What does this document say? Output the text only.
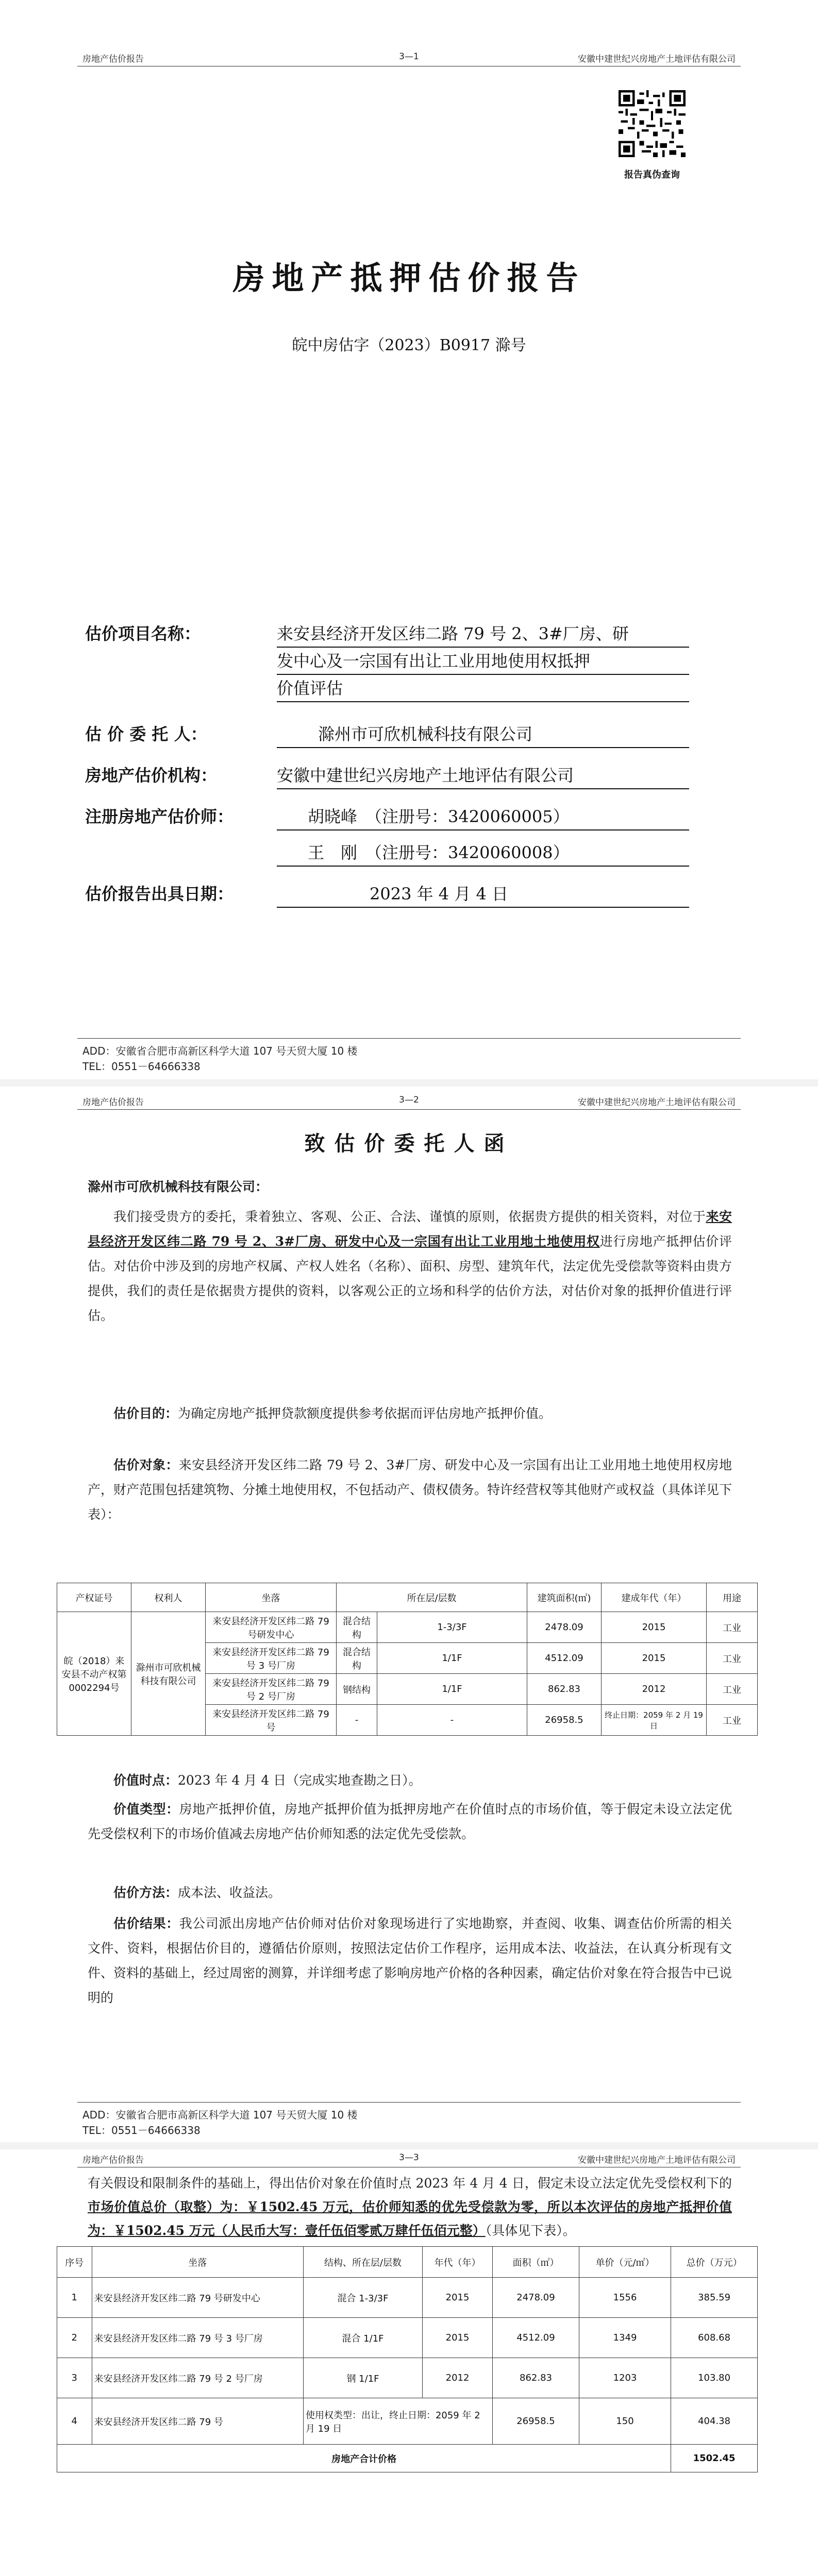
房地产估价报告	3—1	安徽中建世纪兴房地产土地评估有限公司
报告真伪查询
房地产抵押估价报告
皖中房估字（2023）B0917 滁号
估价项目名称：	来安县经济开发区纬二路 79 号 2、3#厂房、研
发中心及一宗国有出让工业用地使用权抵押
价值评估
估 价 委 托 人：	滁州市可欣机械科技有限公司
房地产估价机构：	安徽中建世纪兴房地产土地评估有限公司
注册房地产估价师：	胡晓峰　（注册号：3420060005）
王　刚　（注册号：3420060008）
估价报告出具日期：	2023 年 4 月 4 日
ADD：安徽省合肥市高新区科学大道 107 号天贸大厦 10 楼
TEL：0551－64666338
房地产估价报告	3—2	安徽中建世纪兴房地产土地评估有限公司
致估价委托人函
滁州市可欣机械科技有限公司：
我们接受贵方的委托，秉着独立、客观、公正、合法、谨慎的原则，依据贵方提供的相关资料，对位于来安县经济开发区纬二路 79 号 2、3#厂房、研发中心及一宗国有出让工业用地土地使用权进行房地产抵押估价评估。对估价中涉及到的房地产权属、产权人姓名（名称）、面积、房型、建筑年代，法定优先受偿款等资料由贵方提供，我们的责任是依据贵方提供的资料，以客观公正的立场和科学的估价方法，对估价对象的抵押价值进行评估。
估价目的：为确定房地产抵押贷款额度提供参考依据而评估房地产抵押价值。
估价对象：来安县经济开发区纬二路 79 号 2、3#厂房、研发中心及一宗国有出让工业用地土地使用权房地产，财产范围包括建筑物、分摊土地使用权，不包括动产、债权债务。特许经营权等其他财产或权益（具体详见下表）：
产权证号	权利人	坐落	所在层/层数		建筑面积(㎡)	建成年代（年）	用途
皖（2018）来安县不动产权第0002294号	滁州市可欣机械科技有限公司	来安县经济开发区纬二路 79 号研发中心	混合结构	1-3/3F	2478.09	2015	工业
		来安县经济开发区纬二路 79 号 3 号厂房	混合结构	1/1F	4512.09	2015	工业
		来安县经济开发区纬二路 79 号 2 号厂房	钢结构	1/1F	862.83	2012	工业
		来安县经济开发区纬二路 79 号	-	-	26958.5	终止日期：2059 年 2 月 19 日	工业
价值时点：2023 年 4 月 4 日（完成实地查勘之日）。
价值类型：房地产抵押价值，房地产抵押价值为抵押房地产在价值时点的市场价值，等于假定未设立法定优先受偿权利下的市场价值减去房地产估价师知悉的法定优先受偿款。
估价方法：成本法、收益法。
估价结果：我公司派出房地产估价师对估价对象现场进行了实地勘察，并查阅、收集、调查估价所需的相关文件、资料，根据估价目的，遵循估价原则，按照法定估价工作程序，运用成本法、收益法，在认真分析现有文件、资料的基础上，经过周密的测算，并详细考虑了影响房地产价格的各种因素，确定估价对象在符合报告中已说明的
ADD：安徽省合肥市高新区科学大道 107 号天贸大厦 10 楼
TEL：0551－64666338
房地产估价报告	3—3	安徽中建世纪兴房地产土地评估有限公司
有关假设和限制条件的基础上，得出估价对象在价值时点 2023 年 4 月 4 日，假定未设立法定优先受偿权利下的市场价值总价（取整）为：￥1502.45 万元，估价师知悉的优先受偿款为零，所以本次评估的房地产抵押价值为：￥1502.45 万元（人民币大写：壹仟伍佰零贰万肆仟伍佰元整）（具体见下表）。
序号	坐落	结构、所在层/层数	年代（年）	面积（㎡）	单价（元/㎡）	总价（万元）
1	来安县经济开发区纬二路 79 号研发中心	混合 1-3/3F	2015	2478.09	1556	385.59
2	来安县经济开发区纬二路 79 号 3 号厂房	混合 1/1F	2015	4512.09	1349	608.68
3	来安县经济开发区纬二路 79 号 2 号厂房	钢 1/1F	2012	862.83	1203	103.80
4	来安县经济开发区纬二路 79 号	使用权类型：出让，终止日期：2059 年 2 月 19 日		26958.5	150	404.38
房地产合计价格						1502.45
